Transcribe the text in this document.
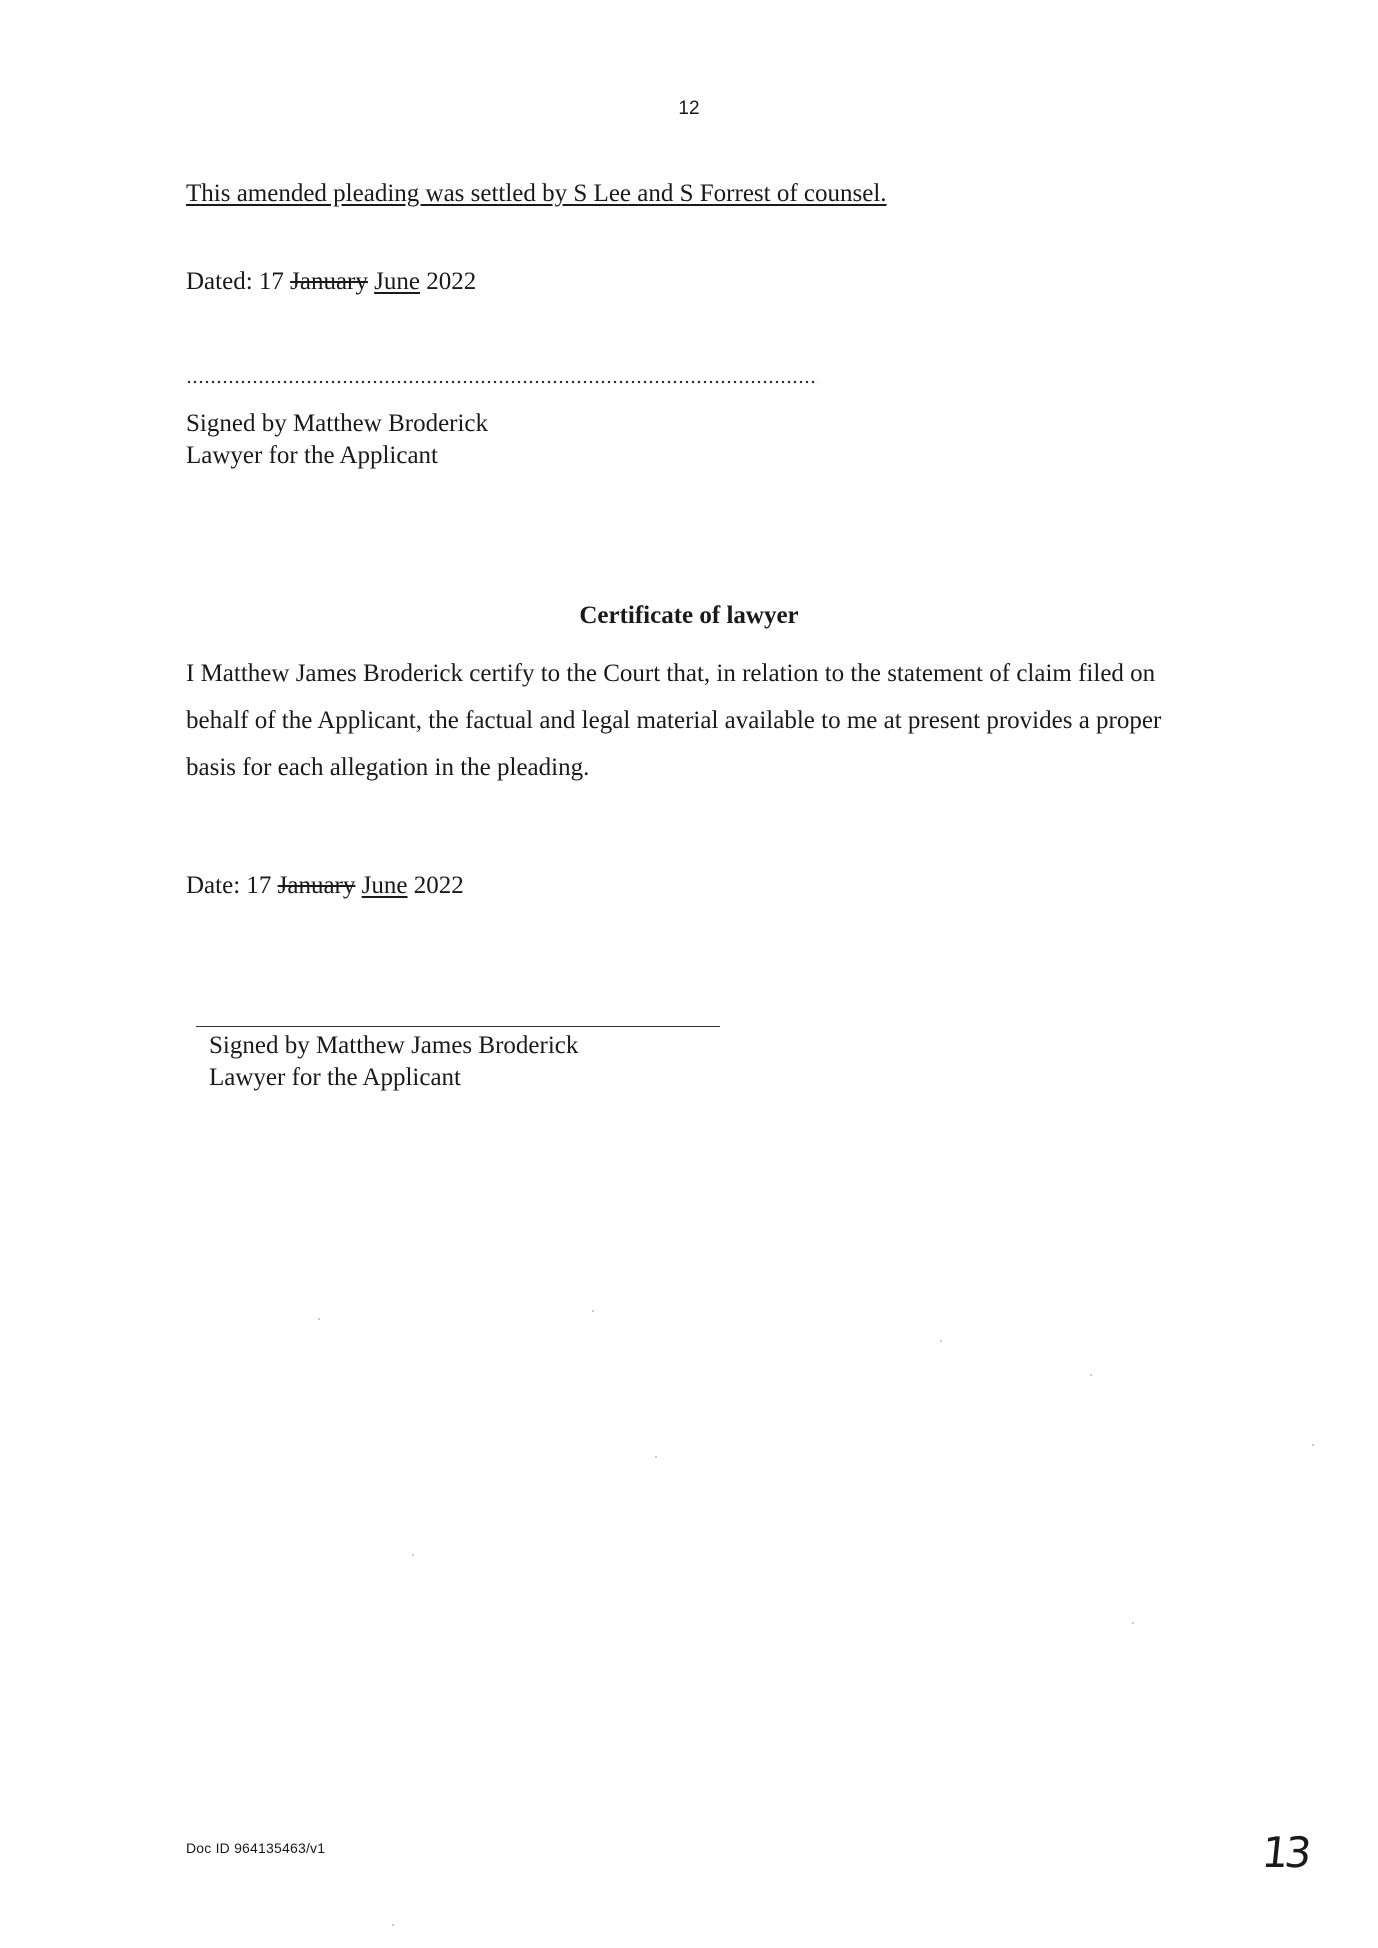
12
This amended pleading was settled by S Lee and S Forrest of counsel.
Dated: 17 January June 2022
Signed by Matthew Broderick
Lawyer for the Applicant
Certificate of lawyer
I Matthew James Broderick certify to the Court that, in relation to the statement of claim filed on
behalf of the Applicant, the factual and legal material available to me at present provides a proper
basis for each allegation in the pleading.
Date: 17 January June 2022
Signed by Matthew James Broderick
Lawyer for the Applicant
Doc ID 964135463/v1	13
